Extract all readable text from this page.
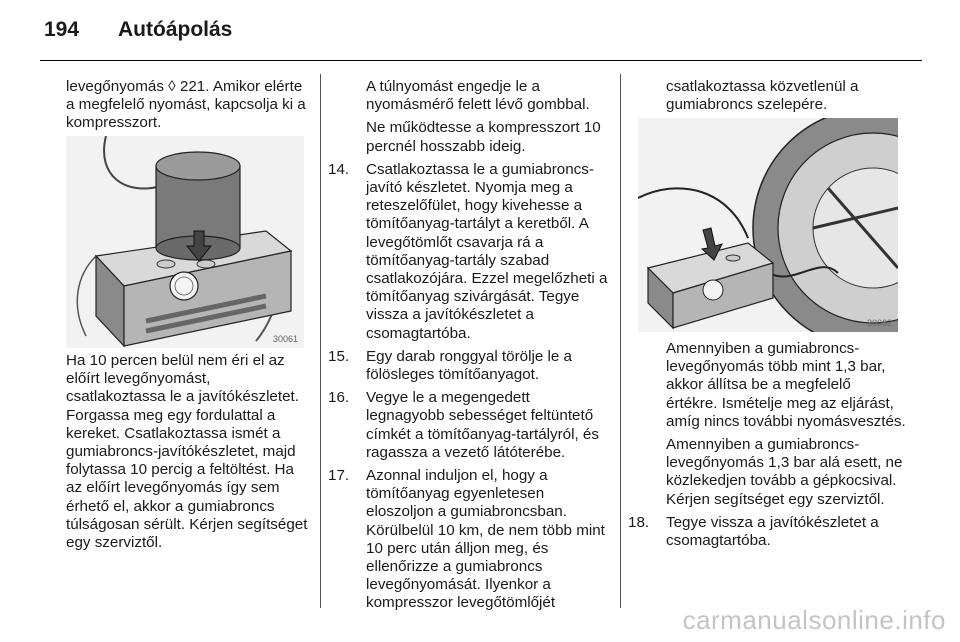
194 Autóápolás

levegőnyomás ◊ 221. Amikor elérte a megfelelő nyomást, kapcsolja ki a kompresszort.

30061

Ha 10 percen belül nem éri el az előírt levegőnyomást, csatlakoztassa le a javítókészletet. Forgassa meg egy fordulattal a kereket. Csatlakoztassa ismét a gumiabroncs-javítókészletet, majd folytassa 10 percig a feltöltést. Ha az előírt levegőnyomás így sem érhető el, akkor a gumiabroncs túlságosan sérült. Kérjen segítséget egy szerviztől.

A túlnyomást engedje le a nyomásmérő felett lévő gombbal.

Ne működtesse a kompresszort 10 percnél hosszabb ideig.

14. Csatlakoztassa le a gumiabroncs-javító készletet. Nyomja meg a reteszelőfület, hogy kivehesse a tömítőanyag-tartályt a keretből. A levegőtömlőt csavarja rá a tömítőanyag-tartály szabad csatlakozójára. Ezzel megelőzheti a tömítőanyag szivárgását. Tegye vissza a javítókészletet a csomagtartóba.
15. Egy darab ronggyal törölje le a fölösleges tömítőanyagot.
16. Vegye le a megengedett legnagyobb sebességet feltüntető címkét a tömítőanyag-tartályról, és ragassza a vezető látóterébe.
17. Azonnal induljon el, hogy a tömítőanyag egyenletesen eloszoljon a gumiabroncsban. Körülbelül 10 km, de nem több mint 10 perc után álljon meg, és ellenőrizze a gumiabroncs levegőnyomását. Ilyenkor a kompresszor levegőtömlőjét

csatlakoztassa közvetlenül a gumiabroncs szelepére.

30062

Amennyiben a gumiabroncs-levegőnyomás több mint 1,3 bar, akkor állítsa be a megfelelő értékre. Ismételje meg az eljárást, amíg nincs további nyomásvesztés.

Amennyiben a gumiabroncs-levegőnyomás 1,3 bar alá esett, ne közlekedjen tovább a gépkocsival. Kérjen segítséget egy szerviztől.

18. Tegye vissza a javítókészletet a csomagtartóba.
carmanualsonline.info
